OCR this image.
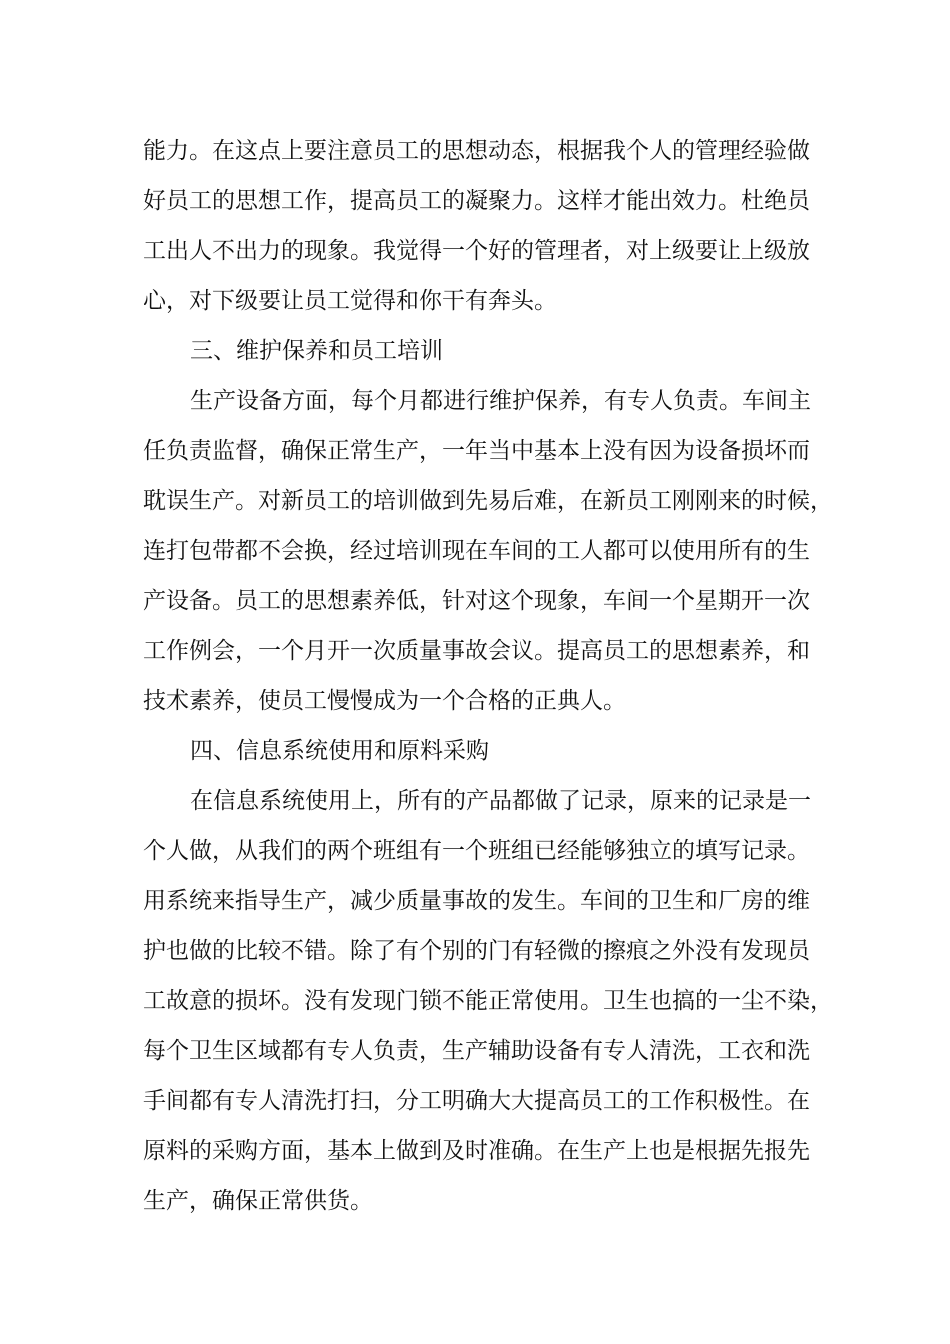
能力。在这点上要注意员工的思想动态，根据我个人的管理经验做
好员工的思想工作，提高员工的凝聚力。这样才能出效力。杜绝员
工出人不出力的现象。我觉得一个好的管理者，对上级要让上级放
心，对下级要让员工觉得和你干有奔头。
三、维护保养和员工培训
生产设备方面，每个月都进行维护保养，有专人负责。车间主
任负责监督，确保正常生产，一年当中基本上没有因为设备损坏而
耽误生产。对新员工的培训做到先易后难，在新员工刚刚来的时候，
连打包带都不会换，经过培训现在车间的工人都可以使用所有的生
产设备。员工的思想素养低，针对这个现象，车间一个星期开一次
工作例会，一个月开一次质量事故会议。提高员工的思想素养，和
技术素养，使员工慢慢成为一个合格的正典人。
四、信息系统使用和原料采购
在信息系统使用上，所有的产品都做了记录，原来的记录是一
个人做，从我们的两个班组有一个班组已经能够独立的填写记录。
用系统来指导生产，减少质量事故的发生。车间的卫生和厂房的维
护也做的比较不错。除了有个别的门有轻微的擦痕之外没有发现员
工故意的损坏。没有发现门锁不能正常使用。卫生也搞的一尘不染，
每个卫生区域都有专人负责，生产辅助设备有专人清洗，工衣和洗
手间都有专人清洗打扫，分工明确大大提高员工的工作积极性。在
原料的采购方面，基本上做到及时准确。在生产上也是根据先报先
生产，确保正常供货。
